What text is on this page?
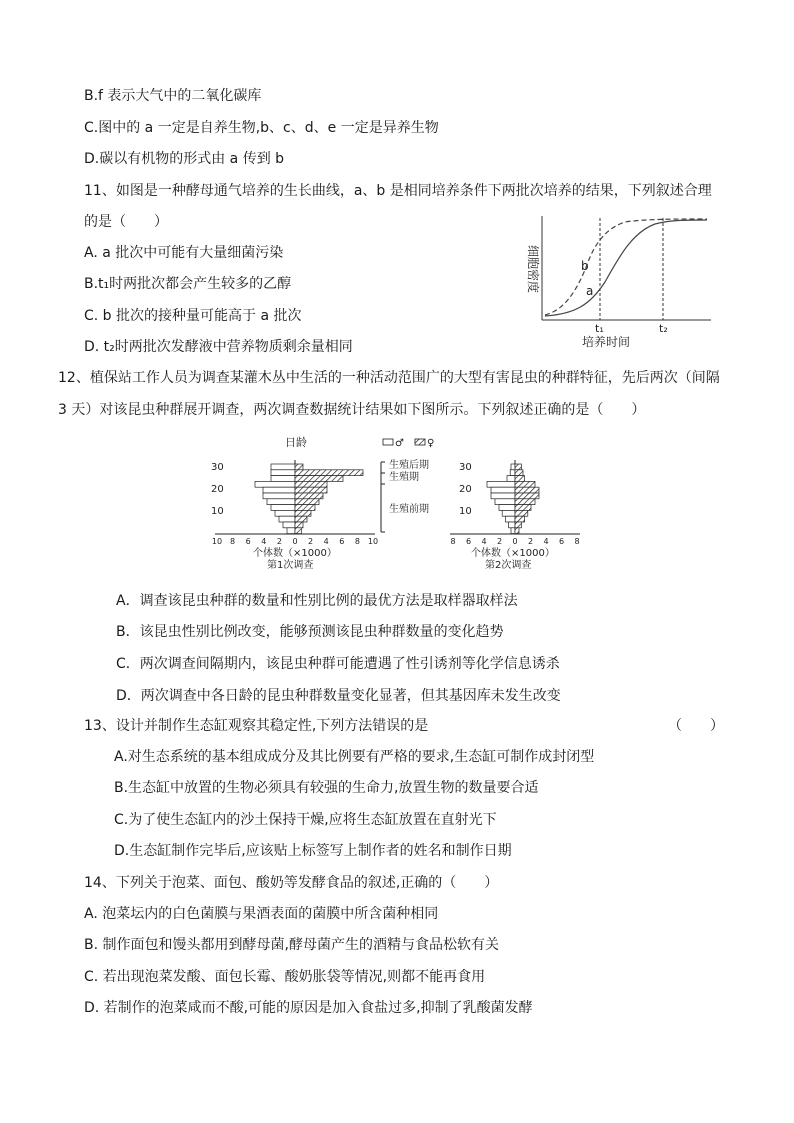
B.f 表示大气中的二氧化碳库
C.图中的 a 一定是自养生物,b、c、d、e 一定是异养生物
D.碳以有机物的形式由 a 传到 b
11、如图是一种酵母通气培养的生长曲线，a、b 是相同培养条件下两批次培养的结果，下列叙述合理
的是（　　）
A. a 批次中可能有大量细菌污染
B.t₁时两批次都会产生较多的乙醇
C. b 批次的接种量可能高于 a 批次
D. t₂时两批次发酵液中营养物质剩余量相同
细胞密度	b
a
t₁	t₂
培养时间
12、植保站工作人员为调查某灌木丛中生活的一种活动范围广的大型有害昆虫的种群特征，先后两次（间隔
3 天）对该昆虫种群展开调查，两次调查数据统计结果如下图所示。下列叙述正确的是（　　）
日龄	♂ ♀
30
20
10
生殖后期
生殖期
生殖前期
30
20
10
10 8 6 4 2 0 2 4 6 8 10	8 6 4 2 0 2 4 6 8
个体数（×1000）
第1次调查
个体数（×1000）
第2次调查
A．调查该昆虫种群的数量和性别比例的最优方法是取样器取样法
B．该昆虫性别比例改变，能够预测该昆虫种群数量的变化趋势
C．两次调查间隔期内，该昆虫种群可能遭遇了性引诱剂等化学信息诱杀
D．两次调查中各日龄的昆虫种群数量变化显著，但其基因库未发生改变
13、设计并制作生态缸观察其稳定性,下列方法错误的是	（　　）
A.对生态系统的基本组成成分及其比例要有严格的要求,生态缸可制作成封闭型
B.生态缸中放置的生物必须具有较强的生命力,放置生物的数量要合适
C.为了使生态缸内的沙土保持干燥,应将生态缸放置在直射光下
D.生态缸制作完毕后,应该贴上标签写上制作者的姓名和制作日期
14、下列关于泡菜、面包、酸奶等发酵食品的叙述,正确的（　　）
A. 泡菜坛内的白色菌膜与果酒表面的菌膜中所含菌种相同
B. 制作面包和馒头都用到酵母菌,酵母菌产生的酒精与食品松软有关
C. 若出现泡菜发酸、面包长霉、酸奶胀袋等情况,则都不能再食用
D. 若制作的泡菜咸而不酸,可能的原因是加入食盐过多,抑制了乳酸菌发酵
